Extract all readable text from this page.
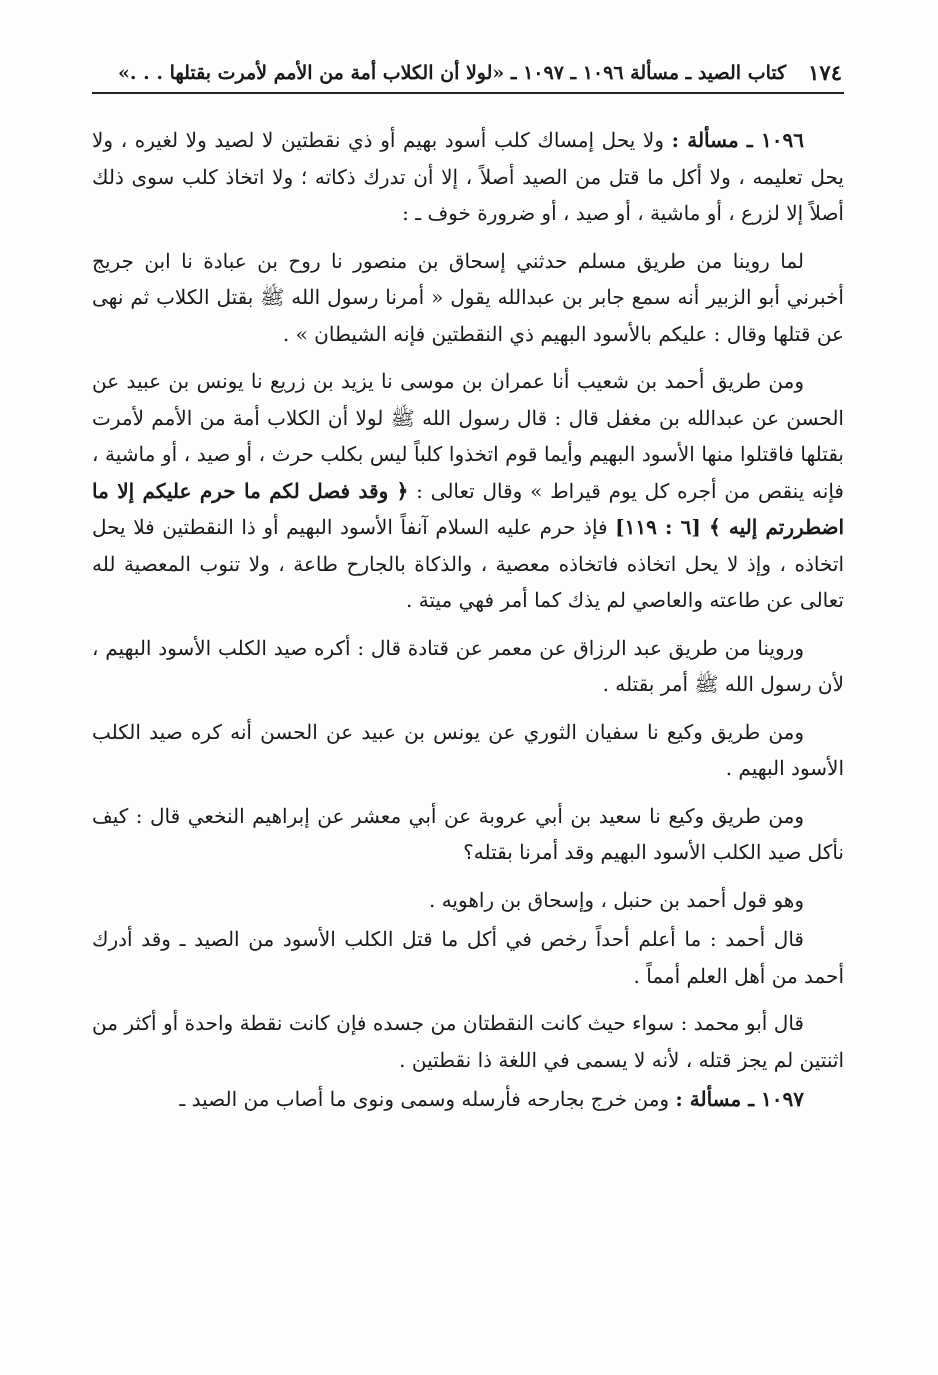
١٧٤
كتاب الصيد ـ مسألة ١٠٩٦ ـ ١٠٩٧ ـ «لولا أن الكلاب أمة من الأمم لأمرت بقتلها . . .»

١٠٩٦ ـ مسألة : ولا يحل إمساك كلب أسود بهيم أو ذي نقطتين لا لصيد ولا لغيره ، ولا يحل تعليمه ، ولا أكل ما قتل من الصيد أصلاً ، إلا أن تدرك ذكاته ؛ ولا اتخاذ كلب سوى ذلك أصلاً إلا لزرع ، أو ماشية ، أو صيد ، أو ضرورة خوف ـ :

لما روينا من طريق مسلم حدثني إسحاق بن منصور نا روح بن عبادة نا ابن جريج أخبرني أبو الزبير أنه سمع جابر بن عبدالله يقول « أمرنا رسول الله ﷺ بقتل الكلاب ثم نهى عن قتلها وقال : عليكم بالأسود البهيم ذي النقطتين فإنه الشيطان » .

ومن طريق أحمد بن شعيب أنا عمران بن موسى نا يزيد بن زريع نا يونس بن عبيد عن الحسن عن عبدالله بن مغفل قال : قال رسول الله ﷺ لولا أن الكلاب أمة من الأمم لأمرت بقتلها فاقتلوا منها الأسود البهيم وأيما قوم اتخذوا كلباً ليس بكلب حرث ، أو صيد ، أو ماشية ، فإنه ينقص من أجره كل يوم قيراط » وقال تعالى : ﴿ وقد فصل لكم ما حرم عليكم إلا ما اضطررتم إليه ﴾ [٦ : ١١٩] فإذ حرم عليه السلام آنفاً الأسود البهيم أو ذا النقطتين فلا يحل اتخاذه ، وإذ لا يحل اتخاذه فاتخاذه معصية ، والذكاة بالجارح طاعة ، ولا تنوب المعصية لله تعالى عن طاعته والعاصي لم يذك كما أمر فهي ميتة .

وروينا من طريق عبد الرزاق عن معمر عن قتادة قال : أكره صيد الكلب الأسود البهيم ، لأن رسول الله ﷺ أمر بقتله .

ومن طريق وكيع نا سفيان الثوري عن يونس بن عبيد عن الحسن أنه كره صيد الكلب الأسود البهيم .

ومن طريق وكيع نا سعيد بن أبي عروبة عن أبي معشر عن إبراهيم النخعي قال : كيف نأكل صيد الكلب الأسود البهيم وقد أمرنا بقتله؟

وهو قول أحمد بن حنبل ، وإسحاق بن راهويه .

قال أحمد : ما أعلم أحداً رخص في أكل ما قتل الكلب الأسود من الصيد ـ وقد أدرك أحمد من أهل العلم أمماً .

قال أبو محمد : سواء حيث كانت النقطتان من جسده فإن كانت نقطة واحدة أو أكثر من اثنتين لم يجز قتله ، لأنه لا يسمى في اللغة ذا نقطتين .

١٠٩٧ ـ مسألة : ومن خرج بجارحه فأرسله وسمى ونوى ما أصاب من الصيد ـ
